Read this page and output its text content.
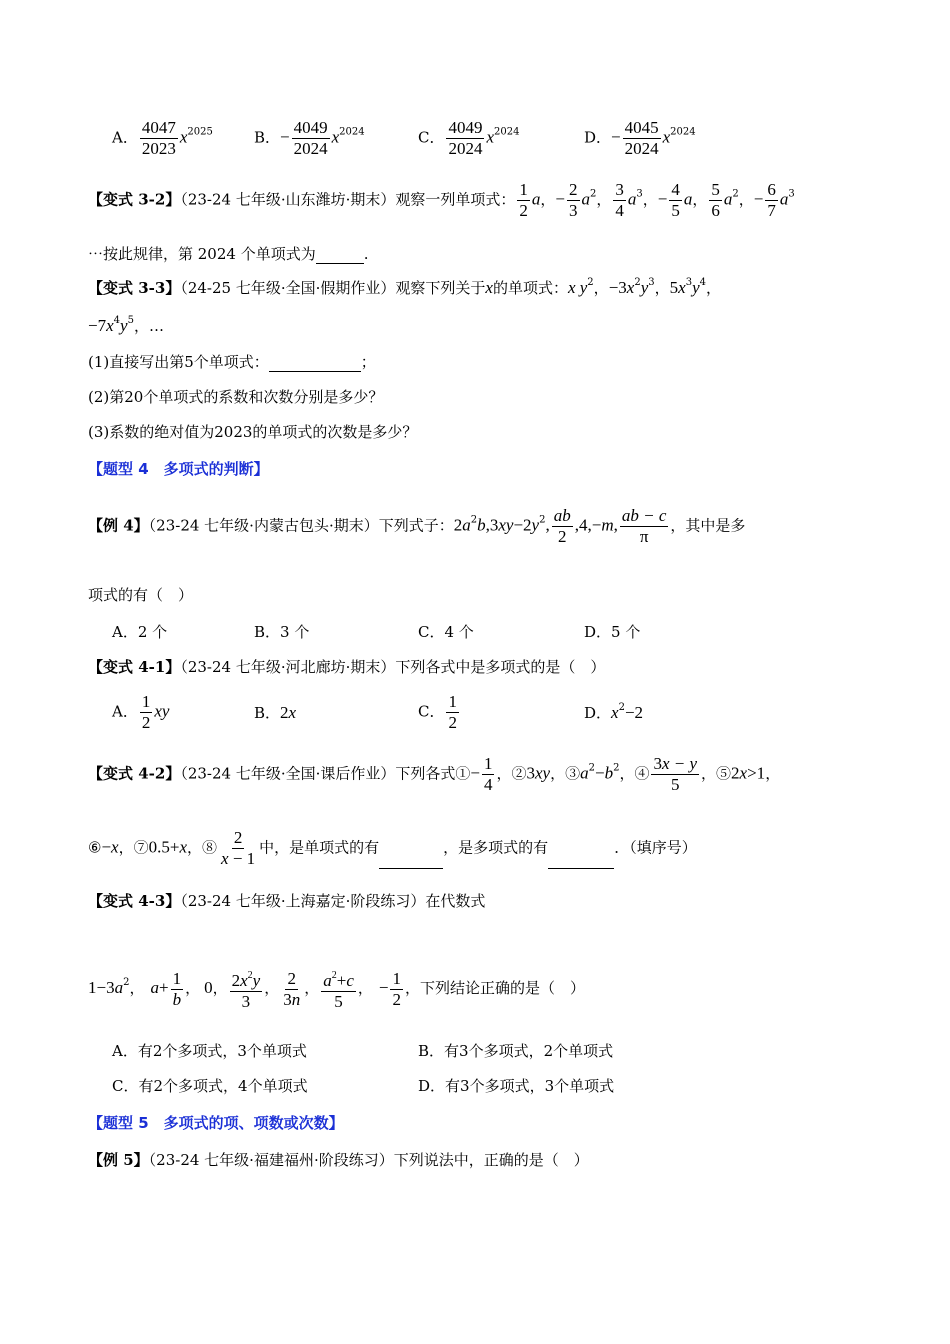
A． $\frac{4047}{2023} x^{2025}$	B．− $\frac{4049}{2024} x^{2024}$	C． $\frac{4049}{2024} x^{2024}$	D．− $\frac{4045}{2024} x^{2024}$
【变式 3-2】（23-24 七年级·山东潍坊·期末）观察一列单项式： $\frac{1}{2}$ a，− $\frac{2}{3} a^2$， $\frac{3}{4} a^3$，− $\frac{4}{5}$ a， $\frac{5}{6} a^2$，− $\frac{6}{7} a^3$
⋯按此规律，第 2024 个单项式为	.
【变式 3-3】（24-25 七年级·全国·假期作业）观察下列关于x的单项式：x $y^2$，$-3x^2y^3$，$5x^3y^4$，
$-7x^4y^5$，…
(1)直接写出第5个单项式：	；
(2)第20个单项式的系数和次数分别是多少？
(3)系数的绝对值为2023的单项式的次数是多少？
【题型 4　多项式的判断】
【例 4】（23-24 七年级·内蒙古包头·期末）下列式子：$2a^2b,3xy-2y^2$, $\frac{ab}{2} ,4,-m$, $\frac{ab - c}{\pi}$ ，其中是多
项式的有（　）
A．2 个	B．3 个	C．4 个	D．5 个
【变式 4-1】（23-24 七年级·河北廊坊·期末）下列各式中是多项式的是（　）
A． $\frac{1}{2}$ xy	B．2x	C． $\frac{1}{2}$	D．$x^2-2$
【变式 4-2】（23-24 七年级·全国·课后作业）下列各式①− $\frac{1}{4}$ ，②3xy，$③a^2-b^2$，④ $\frac{3x - y}{5}$ ，⑤2x>1，
⑥−x，⑦0.5+x，⑧ $\frac{2}{x - 1}$ 中，是单项式的有	，是多项式的有	．（填序号）
【变式 4-3】（23-24 七年级·上海嘉定·阶段练习）在代数式
$1-3a^2$， $a+ \frac{1}{b}$ ， 0， $\frac{2x^2y}{3}$ ， $\frac{2}{3n}$ ， $\frac{a^2+c}{5}$ ， − $\frac{1}{2}$ ，下列结论正确的是（　）
A．有2个多项式，3个单项式	B．有3个多项式，2个单项式
C．有2个多项式，4个单项式	D．有3个多项式，3个单项式
【题型 5　多项式的项、项数或次数】
【例 5】（23-24 七年级·福建福州·阶段练习）下列说法中，正确的是（　）
